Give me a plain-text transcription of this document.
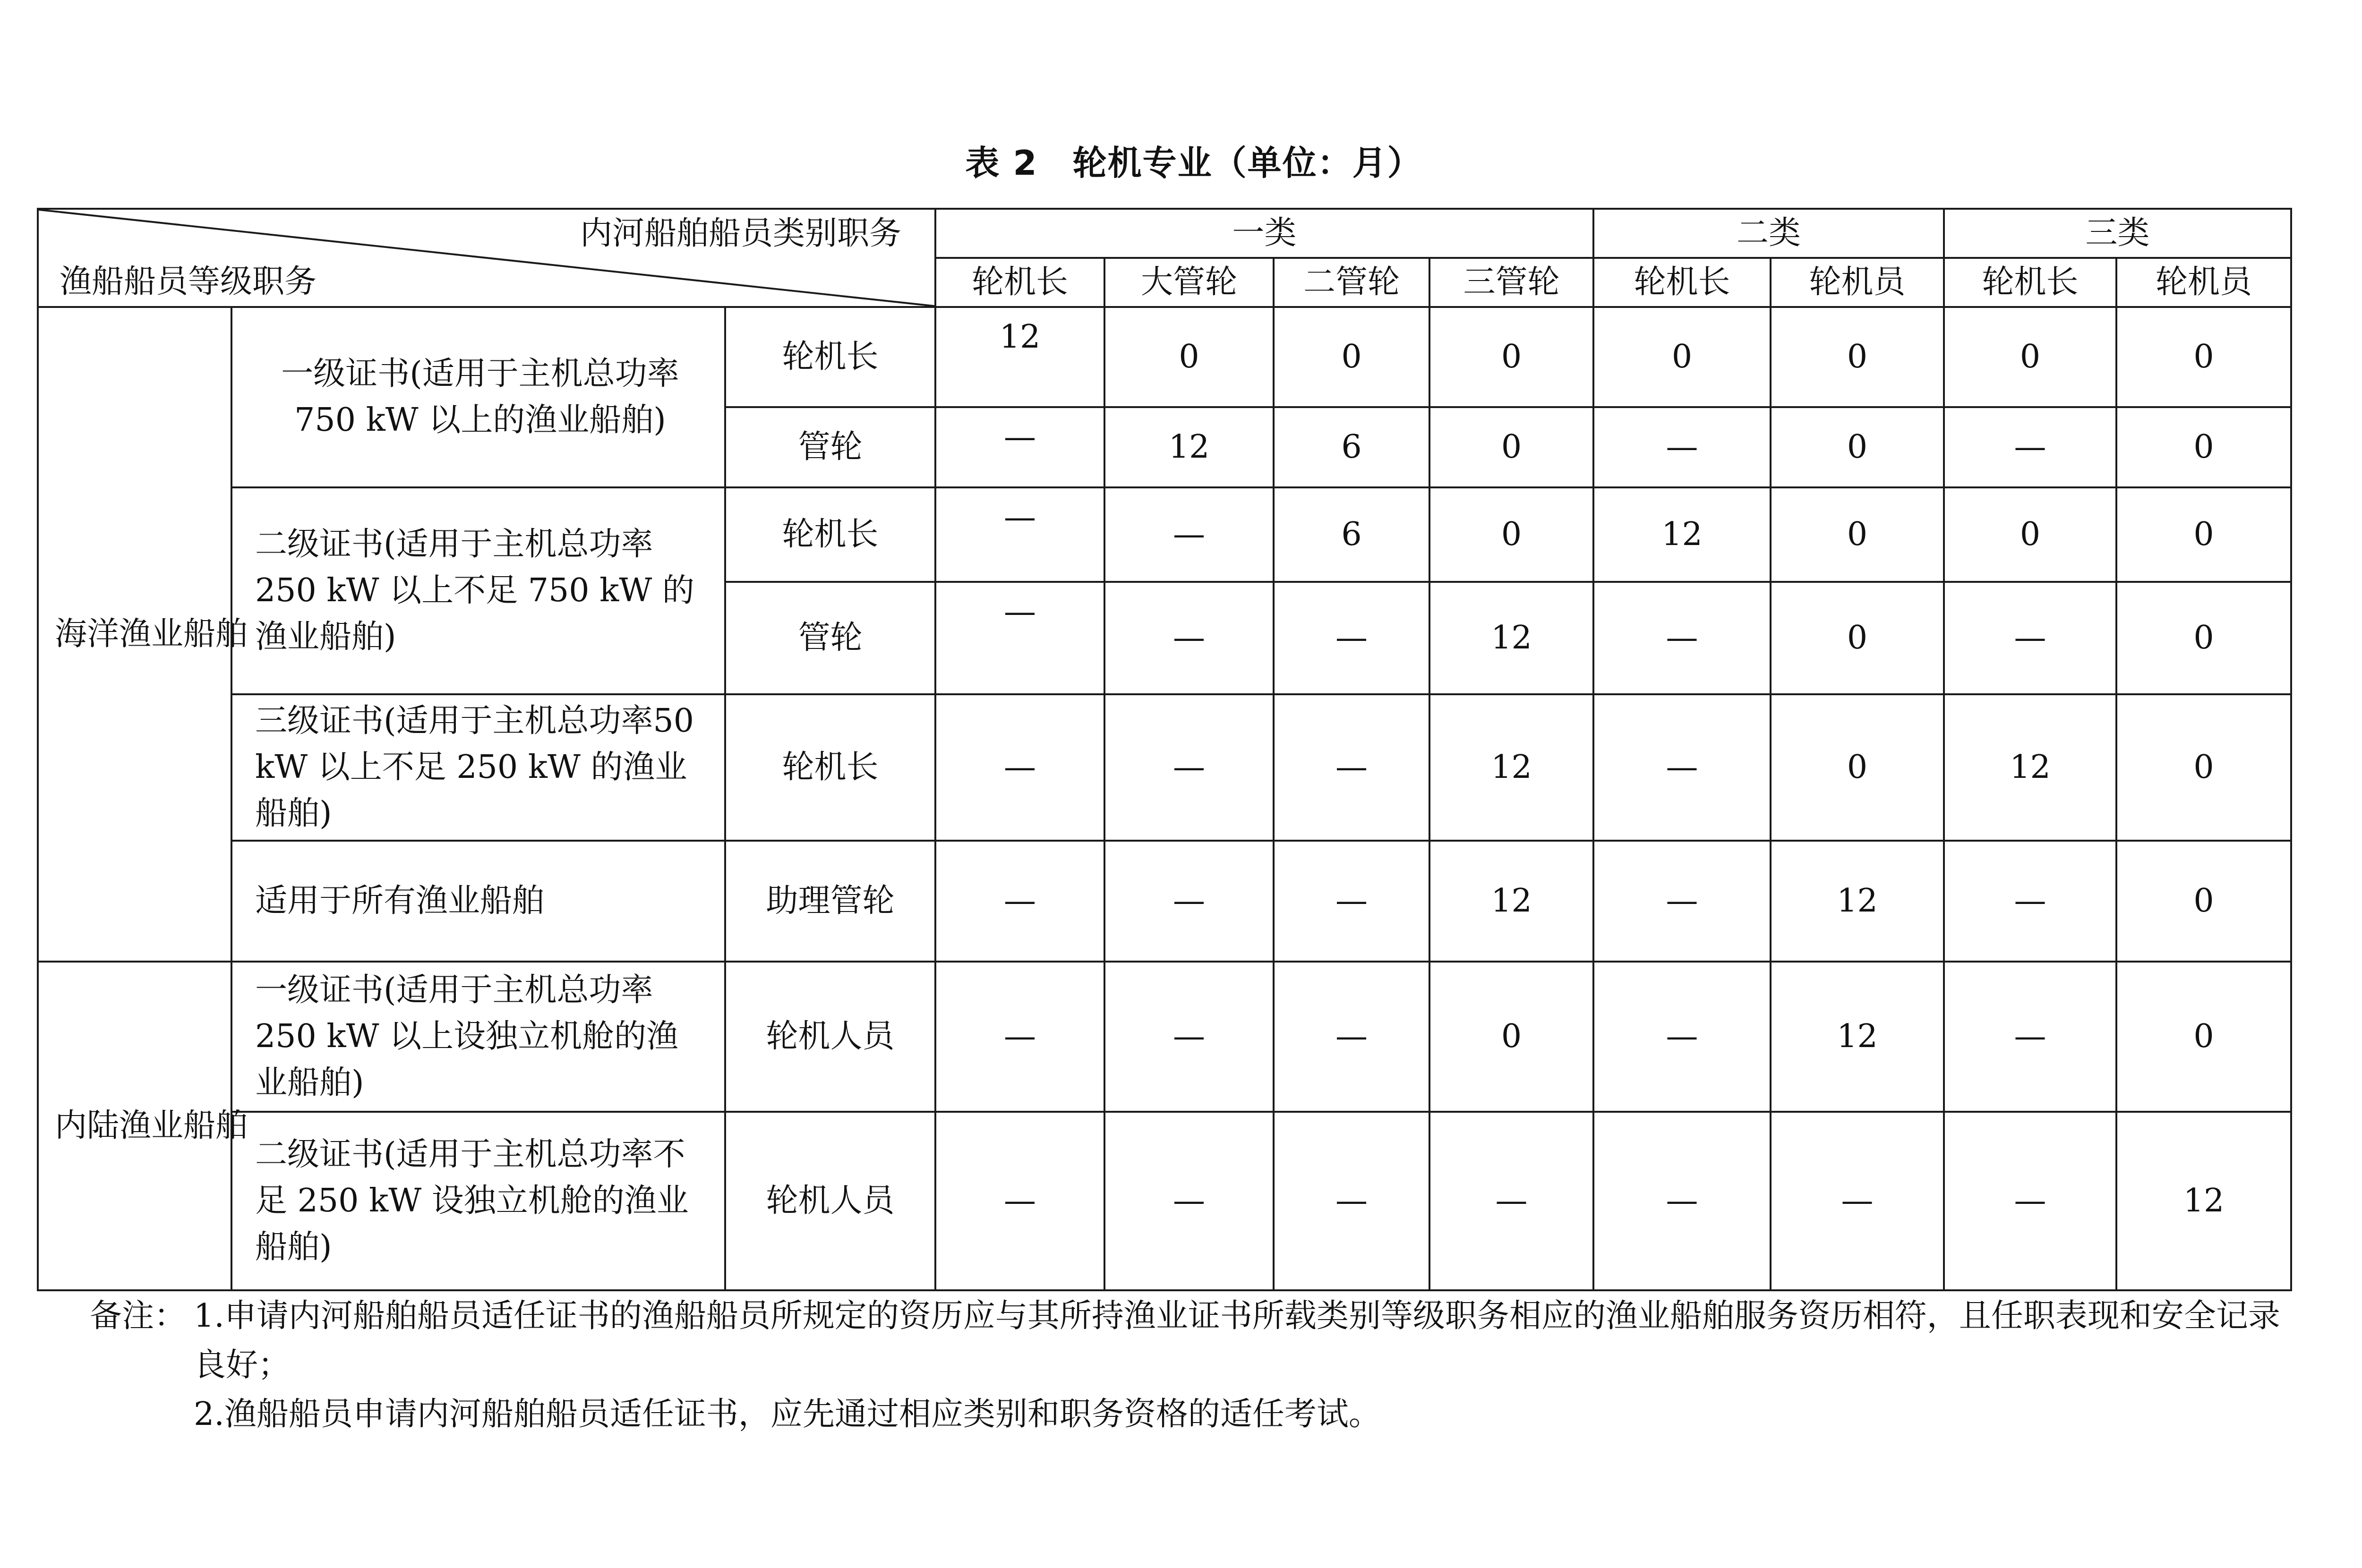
表 2　轮机专业（单位：月）
内河船舶船员类别职务
渔船船员等级职务			一类				二类		三类	
			轮机长	大管轮	二管轮	三管轮	轮机长	轮机员	轮机长	轮机员

海洋渔业船舶	一级证书(适用于主机总功率750 kW 以上的渔业船舶)	轮机长	12	0	0	0	0	0	0	0
		管轮	—	12	6	0	—	0	—	0
	二级证书(适用于主机总功率250 kW 以上不足 750 kW 的渔业船舶)	轮机长	—	—	6	0	12	0	0	0
		管轮	—	—	—	12	—	0	—	0
	三级证书(适用于主机总功率50 kW 以上不足 250 kW 的渔业船舶)	轮机长	—	—	—	12	—	0	12	0
	适用于所有渔业船舶	助理管轮	—	—	—	12	—	12	—	0

内陆渔业船舶	一级证书(适用于主机总功率250 kW 以上设独立机舱的渔业船舶)	轮机人员	—	—	—	0	—	12	—	0
	二级证书(适用于主机总功率不足 250 kW 设独立机舱的渔业船舶)	轮机人员	—	—	—	—	—	—	—	12
备注： 1.申请内河船舶船员适任证书的渔船船员所规定的资历应与其所持渔业证书所载类别等级职务相应的渔业船舶服务资历相符，且任职表现和安全记录良好；
2.渔船船员申请内河船舶船员适任证书，应先通过相应类别和职务资格的适任考试。
